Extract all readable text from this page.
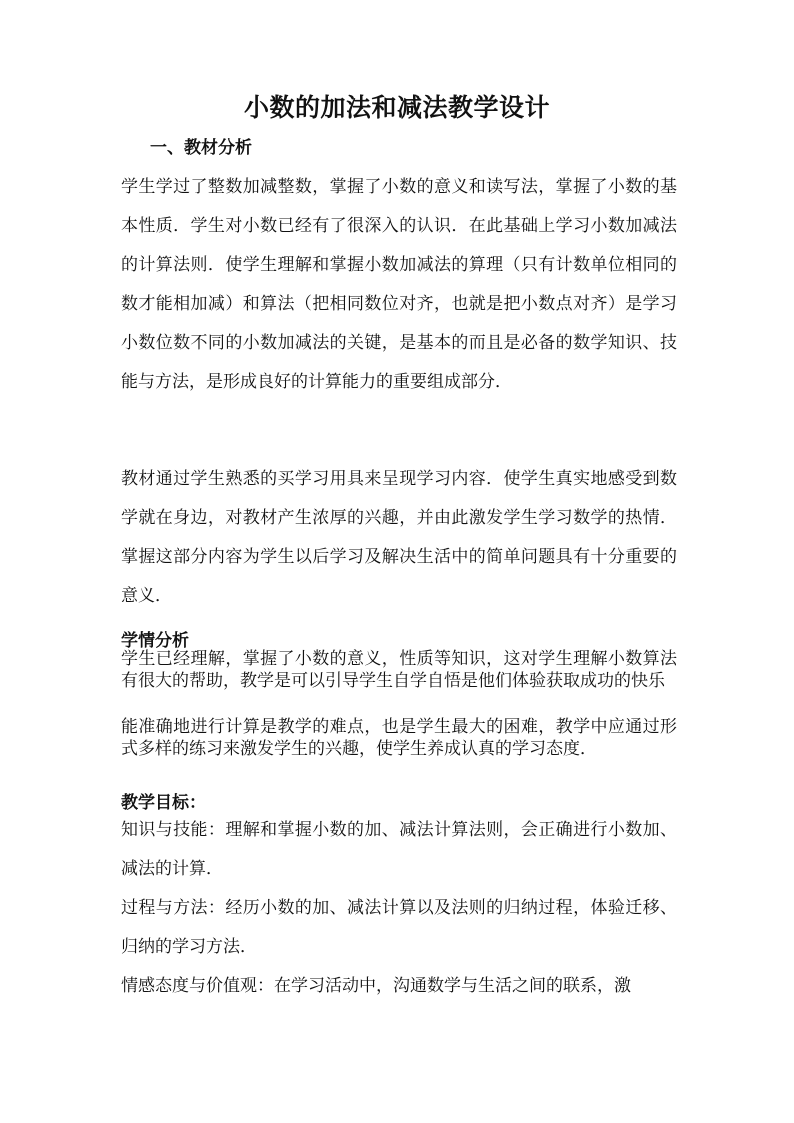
小数的加法和减法教学设计
一、教材分析

学生学过了整数加减整数，掌握了小数的意义和读写法，掌握了小数的基本性质．学生对小数已经有了很深入的认识．在此基础上学习小数加减法的计算法则．使学生理解和掌握小数加减法的算理（只有计数单位相同的数才能相加减）和算法（把相同数位对齐，也就是把小数点对齐）是学习小数位数不同的小数加减法的关键，是基本的而且是必备的数学知识、技能与方法，是形成良好的计算能力的重要组成部分．

教材通过学生熟悉的买学习用具来呈现学习内容．使学生真实地感受到数学就在身边，对教材产生浓厚的兴趣，并由此激发学生学习数学的热情．掌握这部分内容为学生以后学习及解决生活中的简单问题具有十分重要的意义．

学情分析

学生已经理解，掌握了小数的意义，性质等知识，这对学生理解小数算法有很大的帮助，教学是可以引导学生自学自悟是他们体验获取成功的快乐

能准确地进行计算是教学的难点，也是学生最大的困难，教学中应通过形式多样的练习来激发学生的兴趣，使学生养成认真的学习态度．

教学目标：

知识与技能：理解和掌握小数的加、减法计算法则，会正确进行小数加、减法的计算．

过程与方法：经历小数的加、减法计算以及法则的归纳过程，体验迁移、归纳的学习方法．

情感态度与价值观：在学习活动中，沟通数学与生活之间的联系，激
